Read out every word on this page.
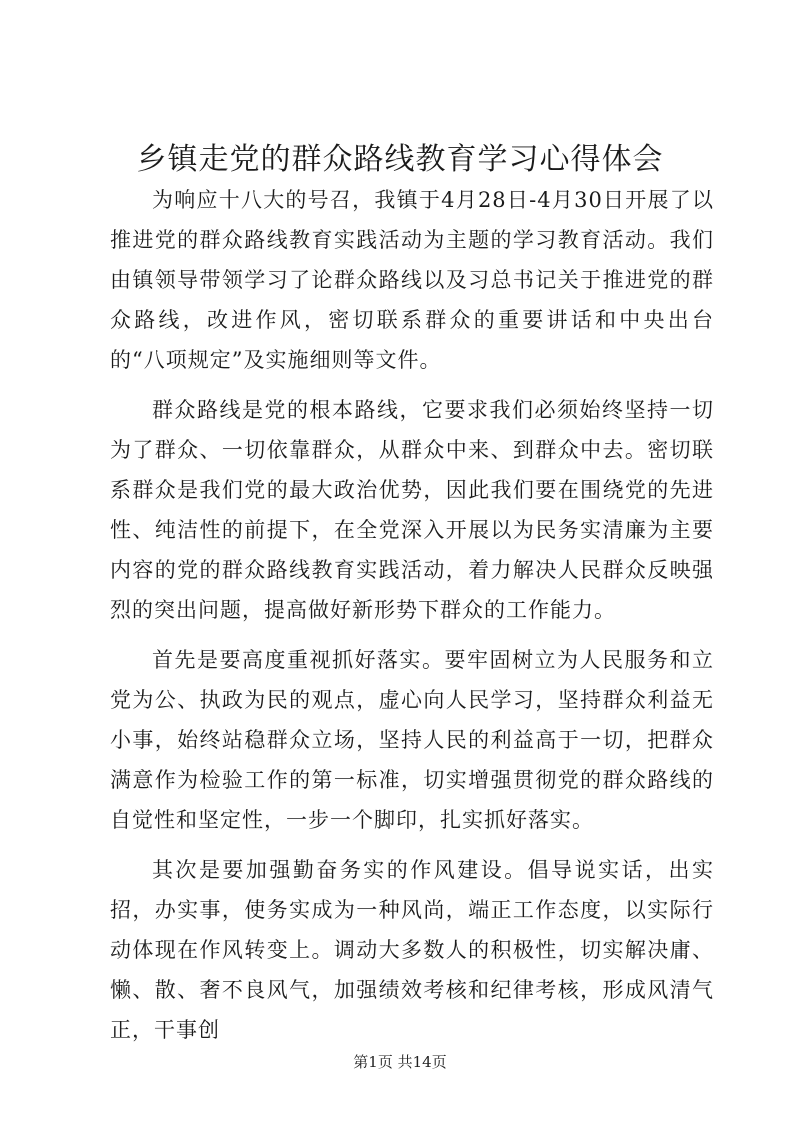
乡镇走党的群众路线教育学习心得体会

为响应十八大的号召，我镇于4月28日-4月30日开展了以推进党的群众路线教育实践活动为主题的学习教育活动。我们由镇领导带领学习了论群众路线以及习总书记关于推进党的群众路线，改进作风，密切联系群众的重要讲话和中央出台的“八项规定”及实施细则等文件。

群众路线是党的根本路线，它要求我们必须始终坚持一切为了群众、一切依靠群众，从群众中来、到群众中去。密切联系群众是我们党的最大政治优势，因此我们要在围绕党的先进性、纯洁性的前提下，在全党深入开展以为民务实清廉为主要内容的党的群众路线教育实践活动，着力解决人民群众反映强烈的突出问题，提高做好新形势下群众的工作能力。

首先是要高度重视抓好落实。要牢固树立为人民服务和立党为公、执政为民的观点，虚心向人民学习，坚持群众利益无小事，始终站稳群众立场，坚持人民的利益高于一切，把群众满意作为检验工作的第一标准，切实增强贯彻党的群众路线的自觉性和坚定性，一步一个脚印，扎实抓好落实。

其次是要加强勤奋务实的作风建设。倡导说实话，出实招，办实事，使务实成为一种风尚，端正工作态度，以实际行动体现在作风转变上。调动大多数人的积极性，切实解决庸、懒、散、奢不良风气，加强绩效考核和纪律考核，形成风清气正，干事创

第1页 共14页
